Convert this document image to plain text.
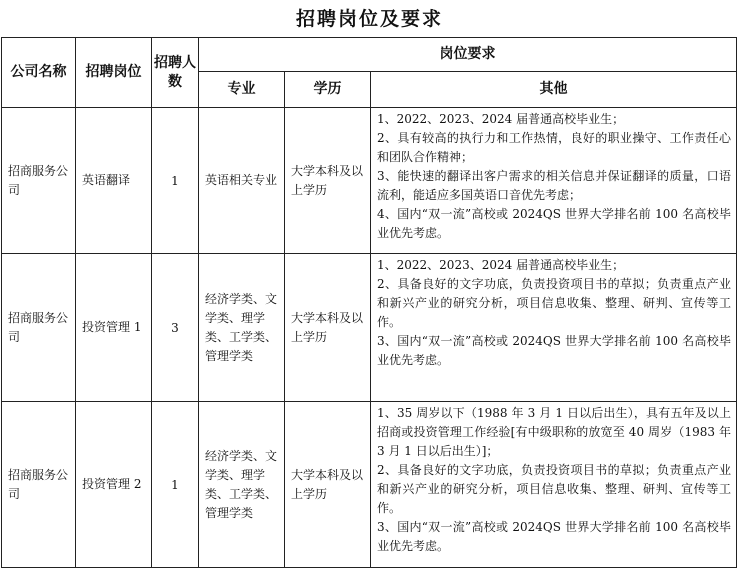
招聘岗位及要求
公司名称	招聘岗位	招聘人数	岗位要求		
			专业	学历	其他
招商服务公司	英语翻译	1	英语相关专业	大学本科及以上学历	1、2022、2023、2024 届普通高校毕业生；

2、具有较高的执行力和工作热情，良好的职业操守、工作责任心和团队合作精神；

3、能快速的翻译出客户需求的相关信息并保证翻译的质量，口语流利，能适应多国英语口音优先考虑；

4、国内“双一流”高校或 2024QS 世界大学排名前 100 名高校毕业优先考虑。

招商服务公司	投资管理 1	3	经济学类、文学类、理学类、工学类、管理学类	大学本科及以上学历	1、2022、2023、2024 届普通高校毕业生；

2、具备良好的文字功底，负责投资项目书的草拟；负责重点产业和新兴产业的研究分析，项目信息收集、整理、研判、宣传等工作。

3、国内“双一流”高校或 2024QS 世界大学排名前 100 名高校毕业优先考虑。

招商服务公司	投资管理 2	1	经济学类、文学类、理学类、工学类、管理学类	大学本科及以上学历	1、35 周岁以下（1988 年 3 月 1 日以后出生），具有五年及以上招商或投资管理工作经验[有中级职称的放宽至 40 周岁（1983 年 3 月 1 日以后出生）]；

2、具备良好的文字功底，负责投资项目书的草拟；负责重点产业和新兴产业的研究分析，项目信息收集、整理、研判、宣传等工作。

3、国内“双一流”高校或 2024QS 世界大学排名前 100 名高校毕业优先考虑。
